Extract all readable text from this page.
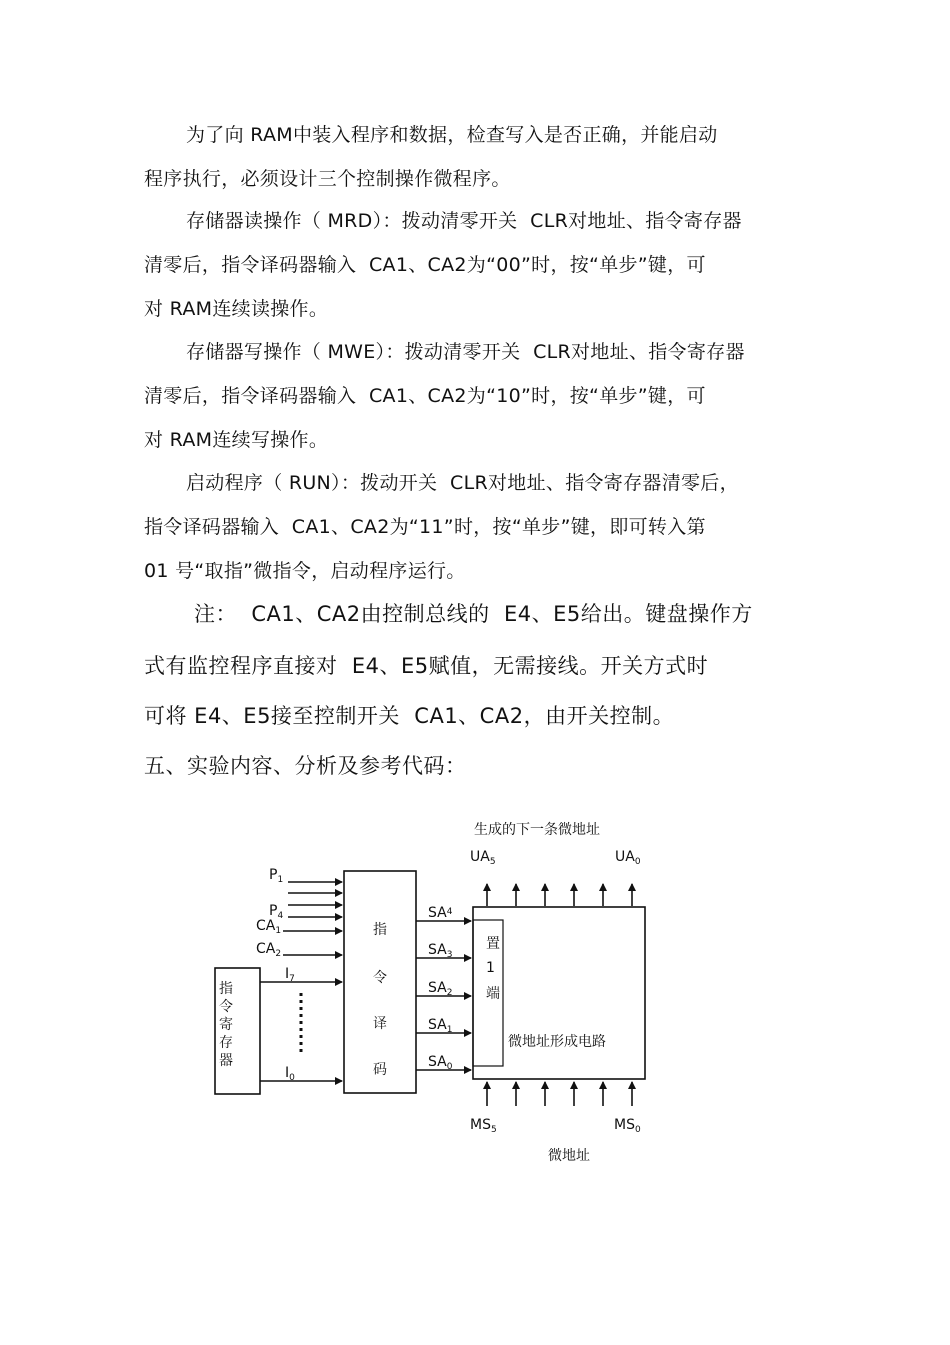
为了向 RAM中装入程序和数据，检查写入是否正确，并能启动
程序执行，必须设计三个控制操作微程序。
存储器读操作（ MRD）：拨动清零开关  CLR对地址、指令寄存器
清零后，指令译码器输入  CA1、CA2为“00”时，按“单步”键，可
对 RAM连续读操作。
存储器写操作（ MWE）：拨动清零开关  CLR对地址、指令寄存器
清零后，指令译码器输入  CA1、CA2为“10”时，按“单步”键，可
对 RAM连续写操作。
启动程序（ RUN）：拨动开关  CLR对地址、指令寄存器清零后，
指令译码器输入  CA1、CA2为“11”时，按“单步”键，即可转入第
01 号“取指”微指令，启动程序运行。
注：  CA1、CA2由控制总线的  E4、E5给出。键盘操作方
式有监控程序直接对  E4、E5赋值，无需接线。开关方式时
可将 E4、E5接至控制开关  CA1、CA2，由开关控制。
五、实验内容、分析及参考代码：
生成的下一条微地址
微地址
$UA_5$	$UA_0$
置
1
端
微地址形成电路
$MS_5$	$MS_0$
指
令
译
码
$SA^4$
$SA_3$
$SA_2$
$SA_1$
$SA_0$
$P_1$
$P_4$
$CA_1$
$CA_2$
指
令
寄
存
器
$I_7$
$I_0$
